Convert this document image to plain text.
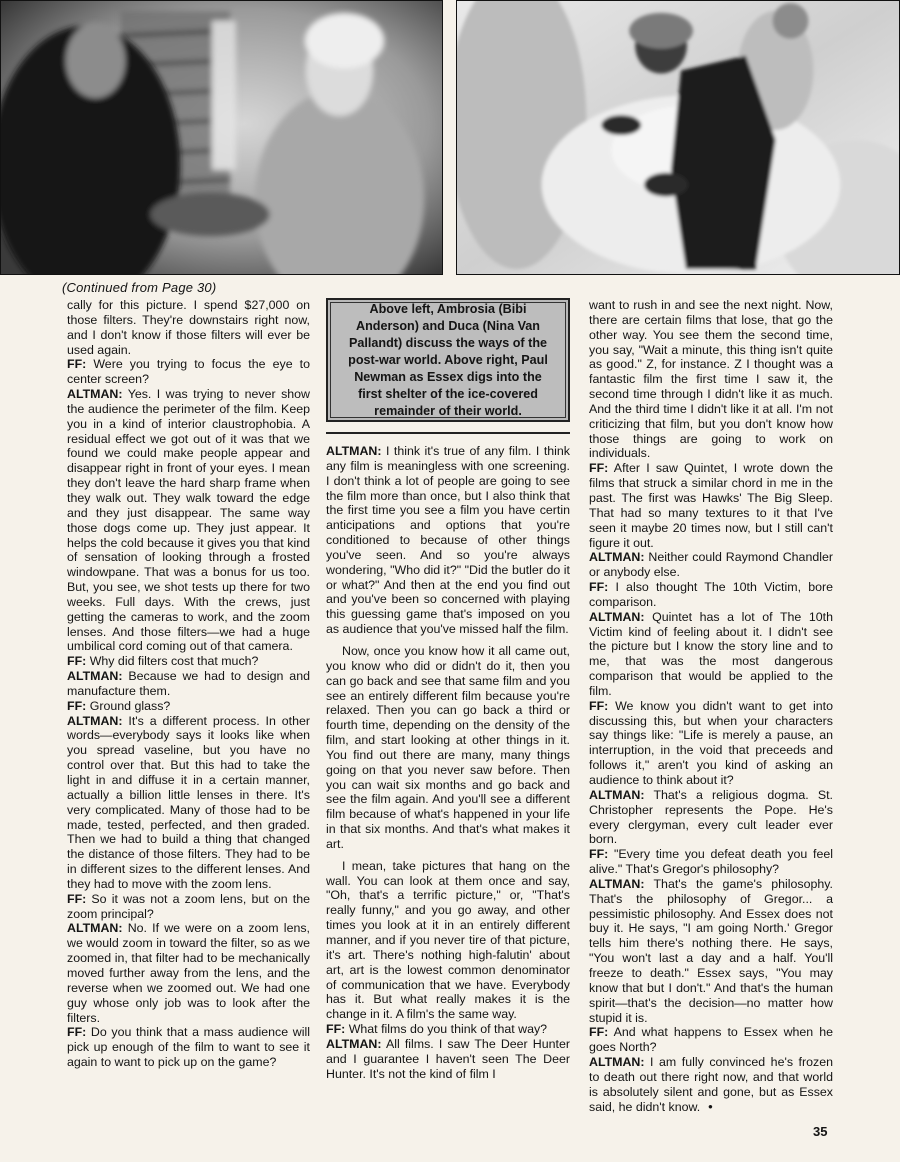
(Continued from Page 30)

cally for this picture. I spend $27,000 on those filters. They're downstairs right now, and I don't know if those filters will ever be used again.

FF: Were you trying to focus the eye to center screen?

ALTMAN: Yes. I was trying to never show the audience the perimeter of the film. Keep you in a kind of interior claustrophobia. A residual effect we got out of it was that we found we could make people appear and disappear right in front of your eyes. I mean they don't leave the hard sharp frame when they walk out. They walk toward the edge and they just disappear. The same way those dogs come up. They just appear. It helps the cold because it gives you that kind of sensation of looking through a frosted windowpane. That was a bonus for us too. But, you see, we shot tests up there for two weeks. Full days. With the crews, just getting the cameras to work, and the zoom lenses. And those filters—we had a huge umbilical cord coming out of that camera.

FF: Why did filters cost that much?

ALTMAN: Because we had to design and manufacture them.

FF: Ground glass?

ALTMAN: It's a different process. In other words—everybody says it looks like when you spread vaseline, but you have no control over that. But this had to take the light in and diffuse it in a certain manner, actually a billion little lenses in there. It's very complicated. Many of those had to be made, tested, perfected, and then graded. Then we had to build a thing that changed the distance of those filters. They had to be in different sizes to the different lenses. And they had to move with the zoom lens.

FF: So it was not a zoom lens, but on the zoom principal?

ALTMAN: No. If we were on a zoom lens, we would zoom in toward the filter, so as we zoomed in, that filter had to be mechanically moved further away from the lens, and the reverse when we zoomed out. We had one guy whose only job was to look after the filters.

FF: Do you think that a mass audience will pick up enough of the film to want to see it again to want to pick up on the game?

Above left, Ambrosia (Bibi Anderson) and Duca (Nina Van Pallandt) discuss the ways of the post-war world. Above right, Paul Newman as Essex digs into the first shelter of the ice-covered remainder of their world.

ALTMAN: I think it's true of any film. I think any film is meaningless with one screening. I don't think a lot of people are going to see the film more than once, but I also think that the first time you see a film you have certin anticipations and options that you're conditioned to because of other things you've seen. And so you're always wondering, "Who did it?" "Did the butler do it or what?" And then at the end you find out and you've been so concerned with playing this guessing game that's imposed on you as audience that you've missed half the film.

Now, once you know how it all came out, you know who did or didn't do it, then you can go back and see that same film and you see an entirely different film because you're relaxed. Then you can go back a third or fourth time, depending on the density of the film, and start looking at other things in it. You find out there are many, many things going on that you never saw before. Then you can wait six months and go back and see the film again. And you'll see a different film because of what's happened in your life in that six months. And that's what makes it art.

I mean, take pictures that hang on the wall. You can look at them once and say, "Oh, that's a terrific picture," or, "That's really funny," and you go away, and other times you look at it in an entirely different manner, and if you never tire of that picture, it's art. There's nothing high-falutin' about art, art is the lowest common denominator of communication that we have. Everybody has it. But what really makes it is the change in it. A film's the same way.

FF: What films do you think of that way?

ALTMAN: All films. I saw The Deer Hunter and I guarantee I haven't seen The Deer Hunter. It's not the kind of film I

want to rush in and see the next night. Now, there are certain films that lose, that go the other way. You see them the second time, you say, "Wait a minute, this thing isn't quite as good." Z, for instance. Z I thought was a fantastic film the first time I saw it, the second time through I didn't like it as much. And the third time I didn't like it at all. I'm not criticizing that film, but you don't know how those things are going to work on individuals.

FF: After I saw Quintet, I wrote down the films that struck a similar chord in me in the past. The first was Hawks' The Big Sleep. That had so many textures to it that I've seen it maybe 20 times now, but I still can't figure it out.

ALTMAN: Neither could Raymond Chandler or anybody else.

FF: I also thought The 10th Victim, bore comparison.

ALTMAN: Quintet has a lot of The 10th Victim kind of feeling about it. I didn't see the picture but I know the story line and to me, that was the most dangerous comparison that would be applied to the film.

FF: We know you didn't want to get into discussing this, but when your characters say things like: "Life is merely a pause, an interruption, in the void that preceeds and follows it," aren't you kind of asking an audience to think about it?

ALTMAN: That's a religious dogma. St. Christopher represents the Pope. He's every clergyman, every cult leader ever born.

FF: "Every time you defeat death you feel alive." That's Gregor's philosophy?

ALTMAN: That's the game's philosophy. That's the philosophy of Gregor... a pessimistic philosophy. And Essex does not buy it. He says, "I am going North.' Gregor tells him there's nothing there. He says, "You won't last a day and a half. You'll freeze to death." Essex says, "You may know that but I don't." And that's the human spirit—that's the decision—no matter how stupid it is.

FF: And what happens to Essex when he goes North?

ALTMAN: I am fully convinced he's frozen to death out there right now, and that world is absolutely silent and gone, but as Essex said, he didn't know. •

35
